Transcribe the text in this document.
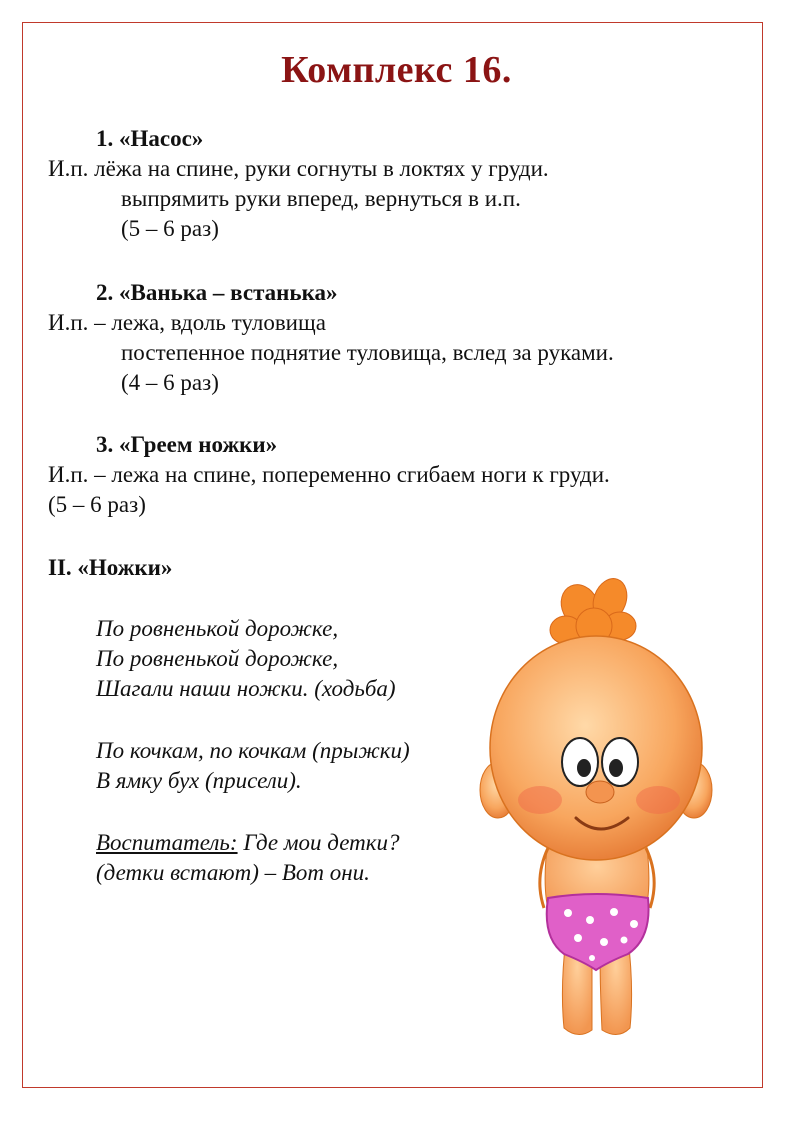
Комплекс 16.
1. «Насос»
И.п. лёжа на спине, руки согнуты в локтях у груди.
выпрямить руки вперед, вернуться в и.п.
(5 – 6 раз)
2. «Ванька – встанька»
И.п. – лежа, вдоль туловища
постепенное поднятие туловища, вслед за руками.
(4 – 6 раз)
3. «Греем ножки»
И.п. – лежа на спине, попеременно сгибаем ноги к груди.
(5 – 6 раз)
II. «Ножки»
По ровненькой дорожке,
По ровненькой дорожке,
Шагали наши ножки. (ходьба)
По кочкам, по кочкам (прыжки)
В ямку бух (присели).
Воспитатель: Где мои детки?
(детки встают) – Вот они.
